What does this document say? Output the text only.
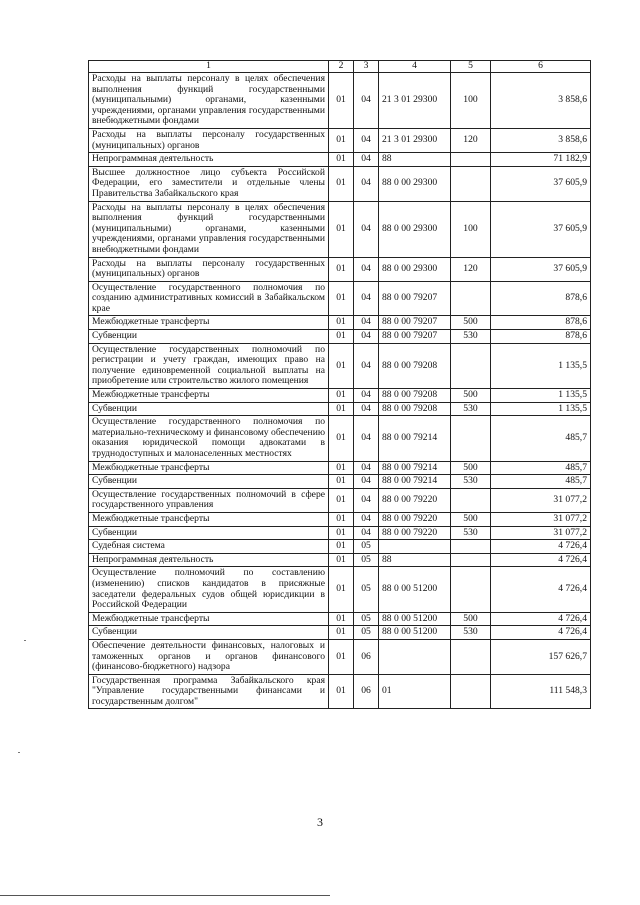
1	2	3	4	5	6
Расходы на выплаты персоналу в целях обеспечения выполнения функций государственными (муниципальными) органами, казенными учреждениями, органами управления государственными внебюджетными фондами	01	04	21 3 01 29300	100	3 858,6
Расходы на выплаты персоналу государственных (муниципальных) органов	01	04	21 3 01 29300	120	3 858,6
Непрограммная деятельность	01	04	88		71 182,9
Высшее должностное лицо субъекта Российской Федерации, его заместители и отдельные члены Правительства Забайкальского края	01	04	88 0 00 29300		37 605,9
Расходы на выплаты персоналу в целях обеспечения выполнения функций государственными (муниципальными) органами, казенными учреждениями, органами управления государственными внебюджетными фондами	01	04	88 0 00 29300	100	37 605,9
Расходы на выплаты персоналу государственных (муниципальных) органов	01	04	88 0 00 29300	120	37 605,9
Осуществление государственного полномочия по созданию административных комиссий в Забайкальском крае	01	04	88 0 00 79207		878,6
Межбюджетные трансферты	01	04	88 0 00 79207	500	878,6
Субвенции	01	04	88 0 00 79207	530	878,6
Осуществление государственных полномочий по регистрации и учету граждан, имеющих право на получение единовременной социальной выплаты на приобретение или строительство жилого помещения	01	04	88 0 00 79208		1 135,5
Межбюджетные трансферты	01	04	88 0 00 79208	500	1 135,5
Субвенции	01	04	88 0 00 79208	530	1 135,5
Осуществление государственного полномочия по материально-техническому и финансовому обеспечению оказания юридической помощи адвокатами в труднодоступных и малонаселенных местностях	01	04	88 0 00 79214		485,7
Межбюджетные трансферты	01	04	88 0 00 79214	500	485,7
Субвенции	01	04	88 0 00 79214	530	485,7
Осуществление государственных полномочий в сфере государственного управления	01	04	88 0 00 79220		31 077,2
Межбюджетные трансферты	01	04	88 0 00 79220	500	31 077,2
Субвенции	01	04	88 0 00 79220	530	31 077,2
Судебная система	01	05			4 726,4
Непрограммная деятельность	01	05	88		4 726,4
Осуществление полномочий по составлению (изменению) списков кандидатов в присяжные заседатели федеральных судов общей юрисдикции в Российской Федерации	01	05	88 0 00 51200		4 726,4
Межбюджетные трансферты	01	05	88 0 00 51200	500	4 726,4
Субвенции	01	05	88 0 00 51200	530	4 726,4
Обеспечение деятельности финансовых, налоговых и таможенных органов и органов финансового (финансово-бюджетного) надзора	01	06			157 626,7
Государственная программа Забайкальского края "Управление государственными финансами и государственным долгом"	01	06	01		111 548,3
3
